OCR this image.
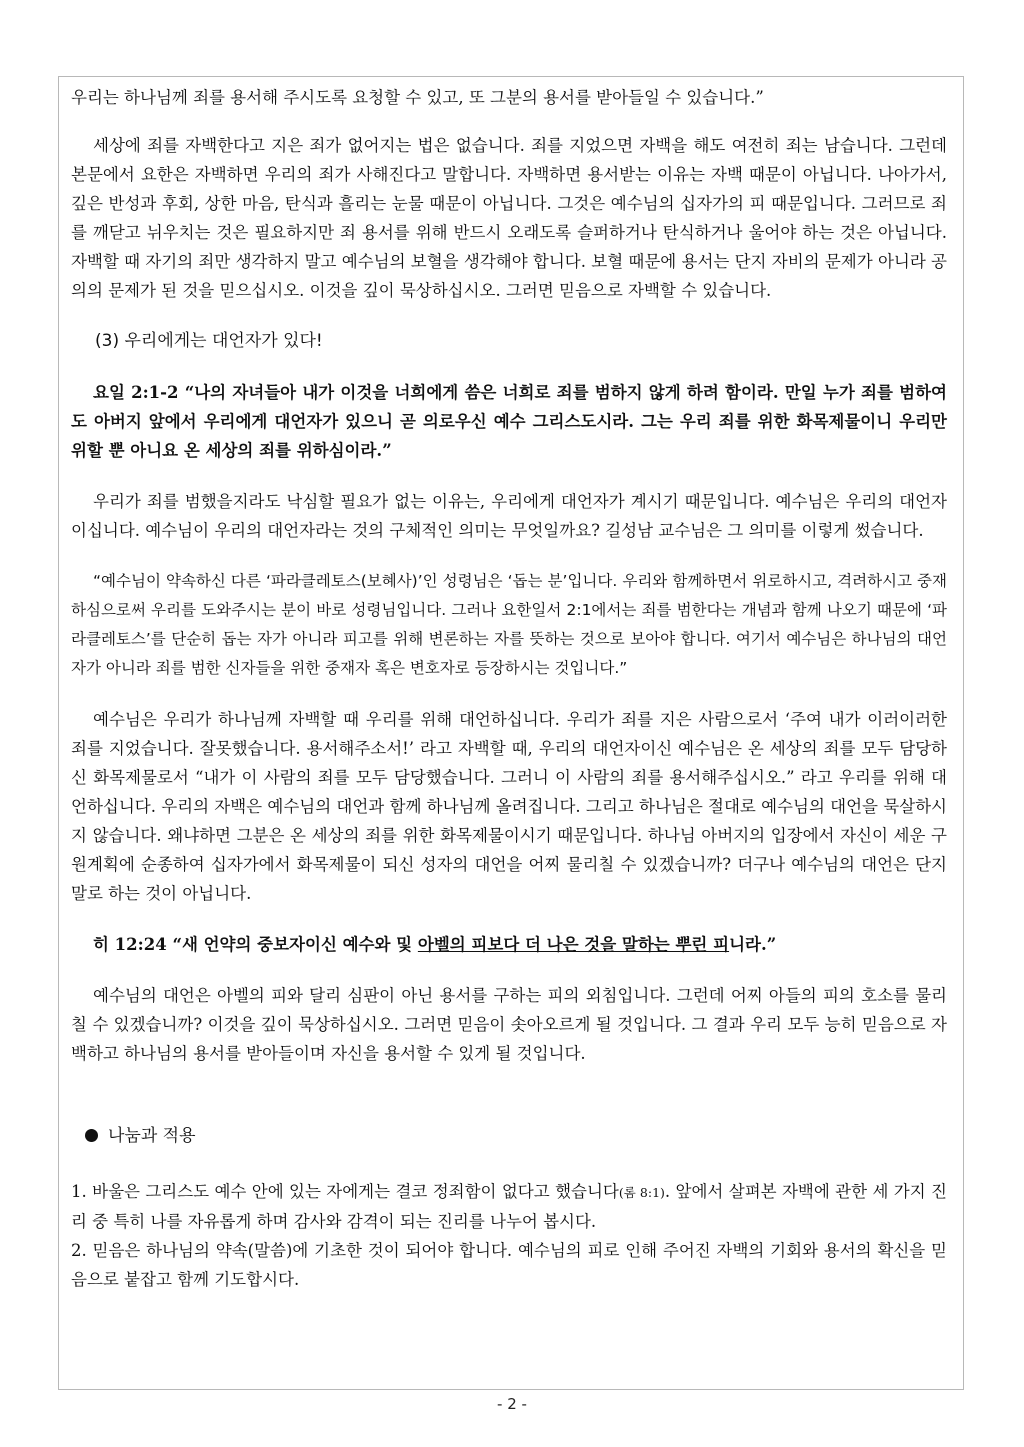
우리는 하나님께 죄를 용서해 주시도록 요청할 수 있고, 또 그분의 용서를 받아들일 수 있습니다.”

세상에 죄를 자백한다고 지은 죄가 없어지는 법은 없습니다. 죄를 지었으면 자백을 해도 여전히 죄는 남습니다. 그런데 본문에서 요한은 자백하면 우리의 죄가 사해진다고 말합니다. 자백하면 용서받는 이유는 자백 때문이 아닙니다. 나아가서, 깊은 반성과 후회, 상한 마음, 탄식과 흘리는 눈물 때문이 아닙니다. 그것은 예수님의 십자가의 피 때문입니다. 그러므로 죄를 깨닫고 뉘우치는 것은 필요하지만 죄 용서를 위해 반드시 오래도록 슬퍼하거나 탄식하거나 울어야 하는 것은 아닙니다. 자백할 때 자기의 죄만 생각하지 말고 예수님의 보혈을 생각해야 합니다. 보혈 때문에 용서는 단지 자비의 문제가 아니라 공의의 문제가 된 것을 믿으십시오. 이것을 깊이 묵상하십시오. 그러면 믿음으로 자백할 수 있습니다.

(3) 우리에게는 대언자가 있다!

요일 2:1-2 “나의 자녀들아 내가 이것을 너희에게 씀은 너희로 죄를 범하지 않게 하려 함이라. 만일 누가 죄를 범하여도 아버지 앞에서 우리에게 대언자가 있으니 곧 의로우신 예수 그리스도시라. 그는 우리 죄를 위한 화목제물이니 우리만 위할 뿐 아니요 온 세상의 죄를 위하심이라.”

우리가 죄를 범했을지라도 낙심할 필요가 없는 이유는, 우리에게 대언자가 계시기 때문입니다. 예수님은 우리의 대언자이십니다. 예수님이 우리의 대언자라는 것의 구체적인 의미는 무엇일까요? 길성남 교수님은 그 의미를 이렇게 썼습니다.

“예수님이 약속하신 다른 ‘파라클레토스(보혜사)’인 성령님은 ‘돕는 분’입니다. 우리와 함께하면서 위로하시고, 격려하시고 중재하심으로써 우리를 도와주시는 분이 바로 성령님입니다. 그러나 요한일서 2:1에서는 죄를 범한다는 개념과 함께 나오기 때문에 ‘파라클레토스’를 단순히 돕는 자가 아니라 피고를 위해 변론하는 자를 뜻하는 것으로 보아야 합니다. 여기서 예수님은 하나님의 대언자가 아니라 죄를 범한 신자들을 위한 중재자 혹은 변호자로 등장하시는 것입니다.”

예수님은 우리가 하나님께 자백할 때 우리를 위해 대언하십니다. 우리가 죄를 지은 사람으로서 ‘주여 내가 이러이러한 죄를 지었습니다. 잘못했습니다. 용서해주소서!’ 라고 자백할 때, 우리의 대언자이신 예수님은 온 세상의 죄를 모두 담당하신 화목제물로서 “내가 이 사람의 죄를 모두 담당했습니다. 그러니 이 사람의 죄를 용서해주십시오.” 라고 우리를 위해 대언하십니다. 우리의 자백은 예수님의 대언과 함께 하나님께 올려집니다. 그리고 하나님은 절대로 예수님의 대언을 묵살하시지 않습니다. 왜냐하면 그분은 온 세상의 죄를 위한 화목제물이시기 때문입니다. 하나님 아버지의 입장에서 자신이 세운 구원계획에 순종하여 십자가에서 화목제물이 되신 성자의 대언을 어찌 물리칠 수 있겠습니까? 더구나 예수님의 대언은 단지 말로 하는 것이 아닙니다.

히 12:24 “새 언약의 중보자이신 예수와 및 아벨의 피보다 더 나은 것을 말하는 뿌린 피니라.”

예수님의 대언은 아벨의 피와 달리 심판이 아닌 용서를 구하는 피의 외침입니다. 그런데 어찌 아들의 피의 호소를 물리칠 수 있겠습니까? 이것을 깊이 묵상하십시오. 그러면 믿음이 솟아오르게 될 것입니다. 그 결과 우리 모두 능히 믿음으로 자백하고 하나님의 용서를 받아들이며 자신을 용서할 수 있게 될 것입니다.

나눔과 적용

1. 바울은 그리스도 예수 안에 있는 자에게는 결코 정죄함이 없다고 했습니다(롬 8:1). 앞에서 살펴본 자백에 관한 세 가지 진리 중 특히 나를 자유롭게 하며 감사와 감격이 되는 진리를 나누어 봅시다.

2. 믿음은 하나님의 약속(말씀)에 기초한 것이 되어야 합니다. 예수님의 피로 인해 주어진 자백의 기회와 용서의 확신을 믿음으로 붙잡고 함께 기도합시다.

- 2 -
